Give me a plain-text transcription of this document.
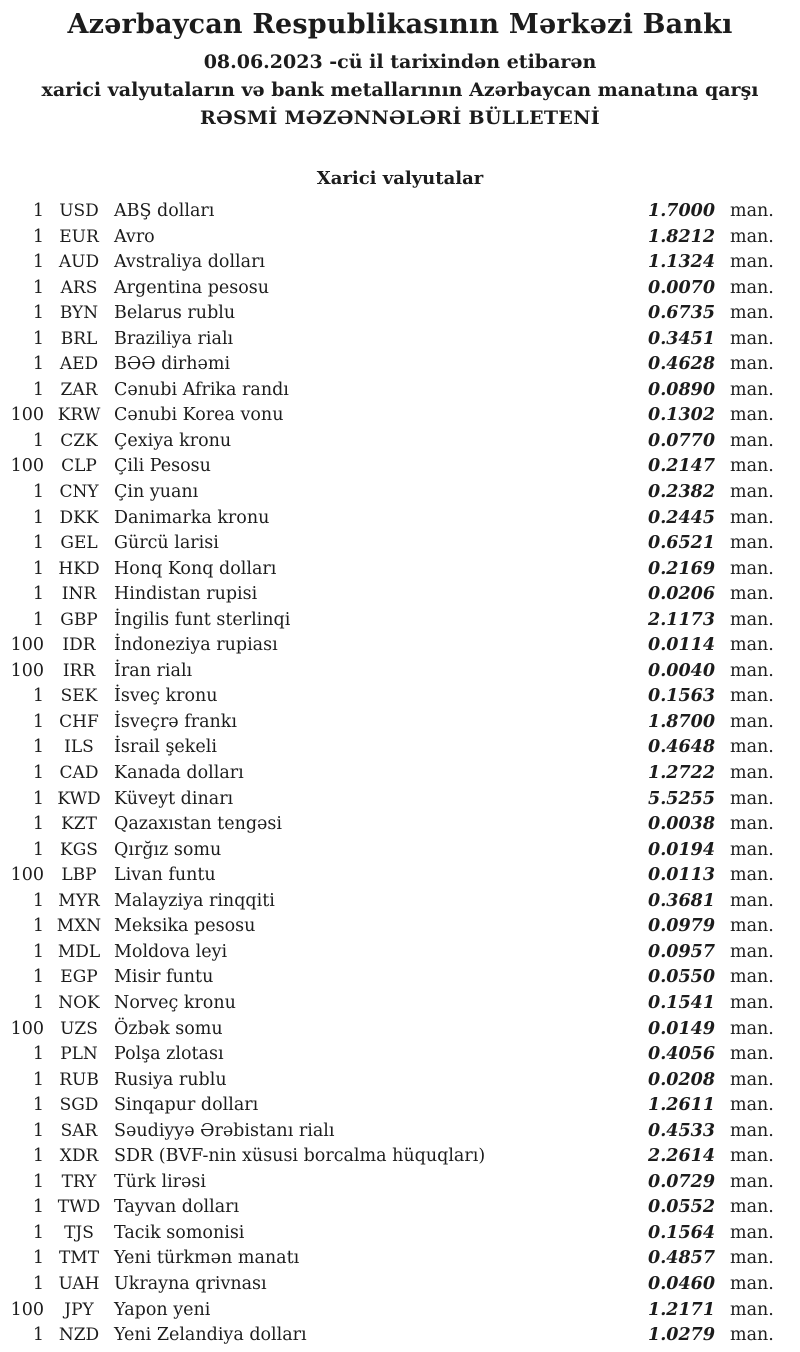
Azərbaycan Respublikasının Mərkəzi Bankı
08.06.2023 -cü il tarixindən etibarən
xarici valyutaların və bank metallarının Azərbaycan manatına qarşı
RƏSMİ MƏZƏNNƏLƏRİ BÜLLETENİ
Xarici valyutalar
1 USD ABŞ dolları	1.7000 man.
1 EUR Avro	1.8212 man.
1 AUD Avstraliya dolları	1.1324 man.
1 ARS Argentina pesosu	0.0070 man.
1 BYN Belarus rublu	0.6735 man.
1 BRL Braziliya rialı	0.3451 man.
1 AED BƏƏ dirhəmi	0.4628 man.
1 ZAR Cənubi Afrika randı	0.0890 man.
100 KRW Cənubi Korea vonu	0.1302 man.
1 CZK Çexiya kronu	0.0770 man.
100	CLP Çili Pesosu	0.2147 man.
1 CNY Çin yuanı	0.2382 man.
1 DKK Danimarka kronu	0.2445 man.
1 GEL Gürcü larisi	0.6521 man.
1 HKD Honq Konq dolları	0.2169 man.
1	INR	Hindistan rupisi	0.0206 man.
1 GBP İngilis funt sterlinqi	2.1173 man.
100	IDR	İndoneziya rupiası	0.0114 man.
100	IRR	İran rialı	0.0040 man.
1 SEK İsveç kronu	0.1563 man.
1 CHF İsveçrə frankı	1.8700 man.
1	ILS	İsrail şekeli	0.4648 man.
1 CAD Kanada dolları	1.2722 man.
1 KWD Küveyt dinarı	5.5255 man.
1	KZT Qazaxıstan tengəsi	0.0038 man.
1 KGS Qırğız somu	0.0194 man.
100	LBP Livan funtu	0.0113 man.
1 MYR Malayziya rinqqiti	0.3681 man.
1 MXN Meksika pesosu	0.0979 man.
1 MDL Moldova leyi	0.0957 man.
1 EGP Misir funtu	0.0550 man.
1 NOK Norveç kronu	0.1541 man.
100 UZS Özbək somu	0.0149 man.
1 PLN Polşa zlotası	0.4056 man.
1 RUB Rusiya rublu	0.0208 man.
1 SGD Sinqapur dolları	1.2611 man.
1 SAR Səudiyyə Ərəbistanı rialı	0.4533 man.
1 XDR SDR (BVF-nin xüsusi borcalma hüquqları)	2.2614 man.
1	TRY	Türk lirəsi	0.0729 man.
1 TWD Tayvan dolları	0.0552 man.
1	TJS	Tacik somonisi	0.1564 man.
1 TMT Yeni türkmən manatı	0.4857 man.
1 UAH Ukrayna qrivnası	0.0460 man.
100	JPY	Yapon yeni	1.2171 man.
1 NZD Yeni Zelandiya dolları	1.0279 man.
